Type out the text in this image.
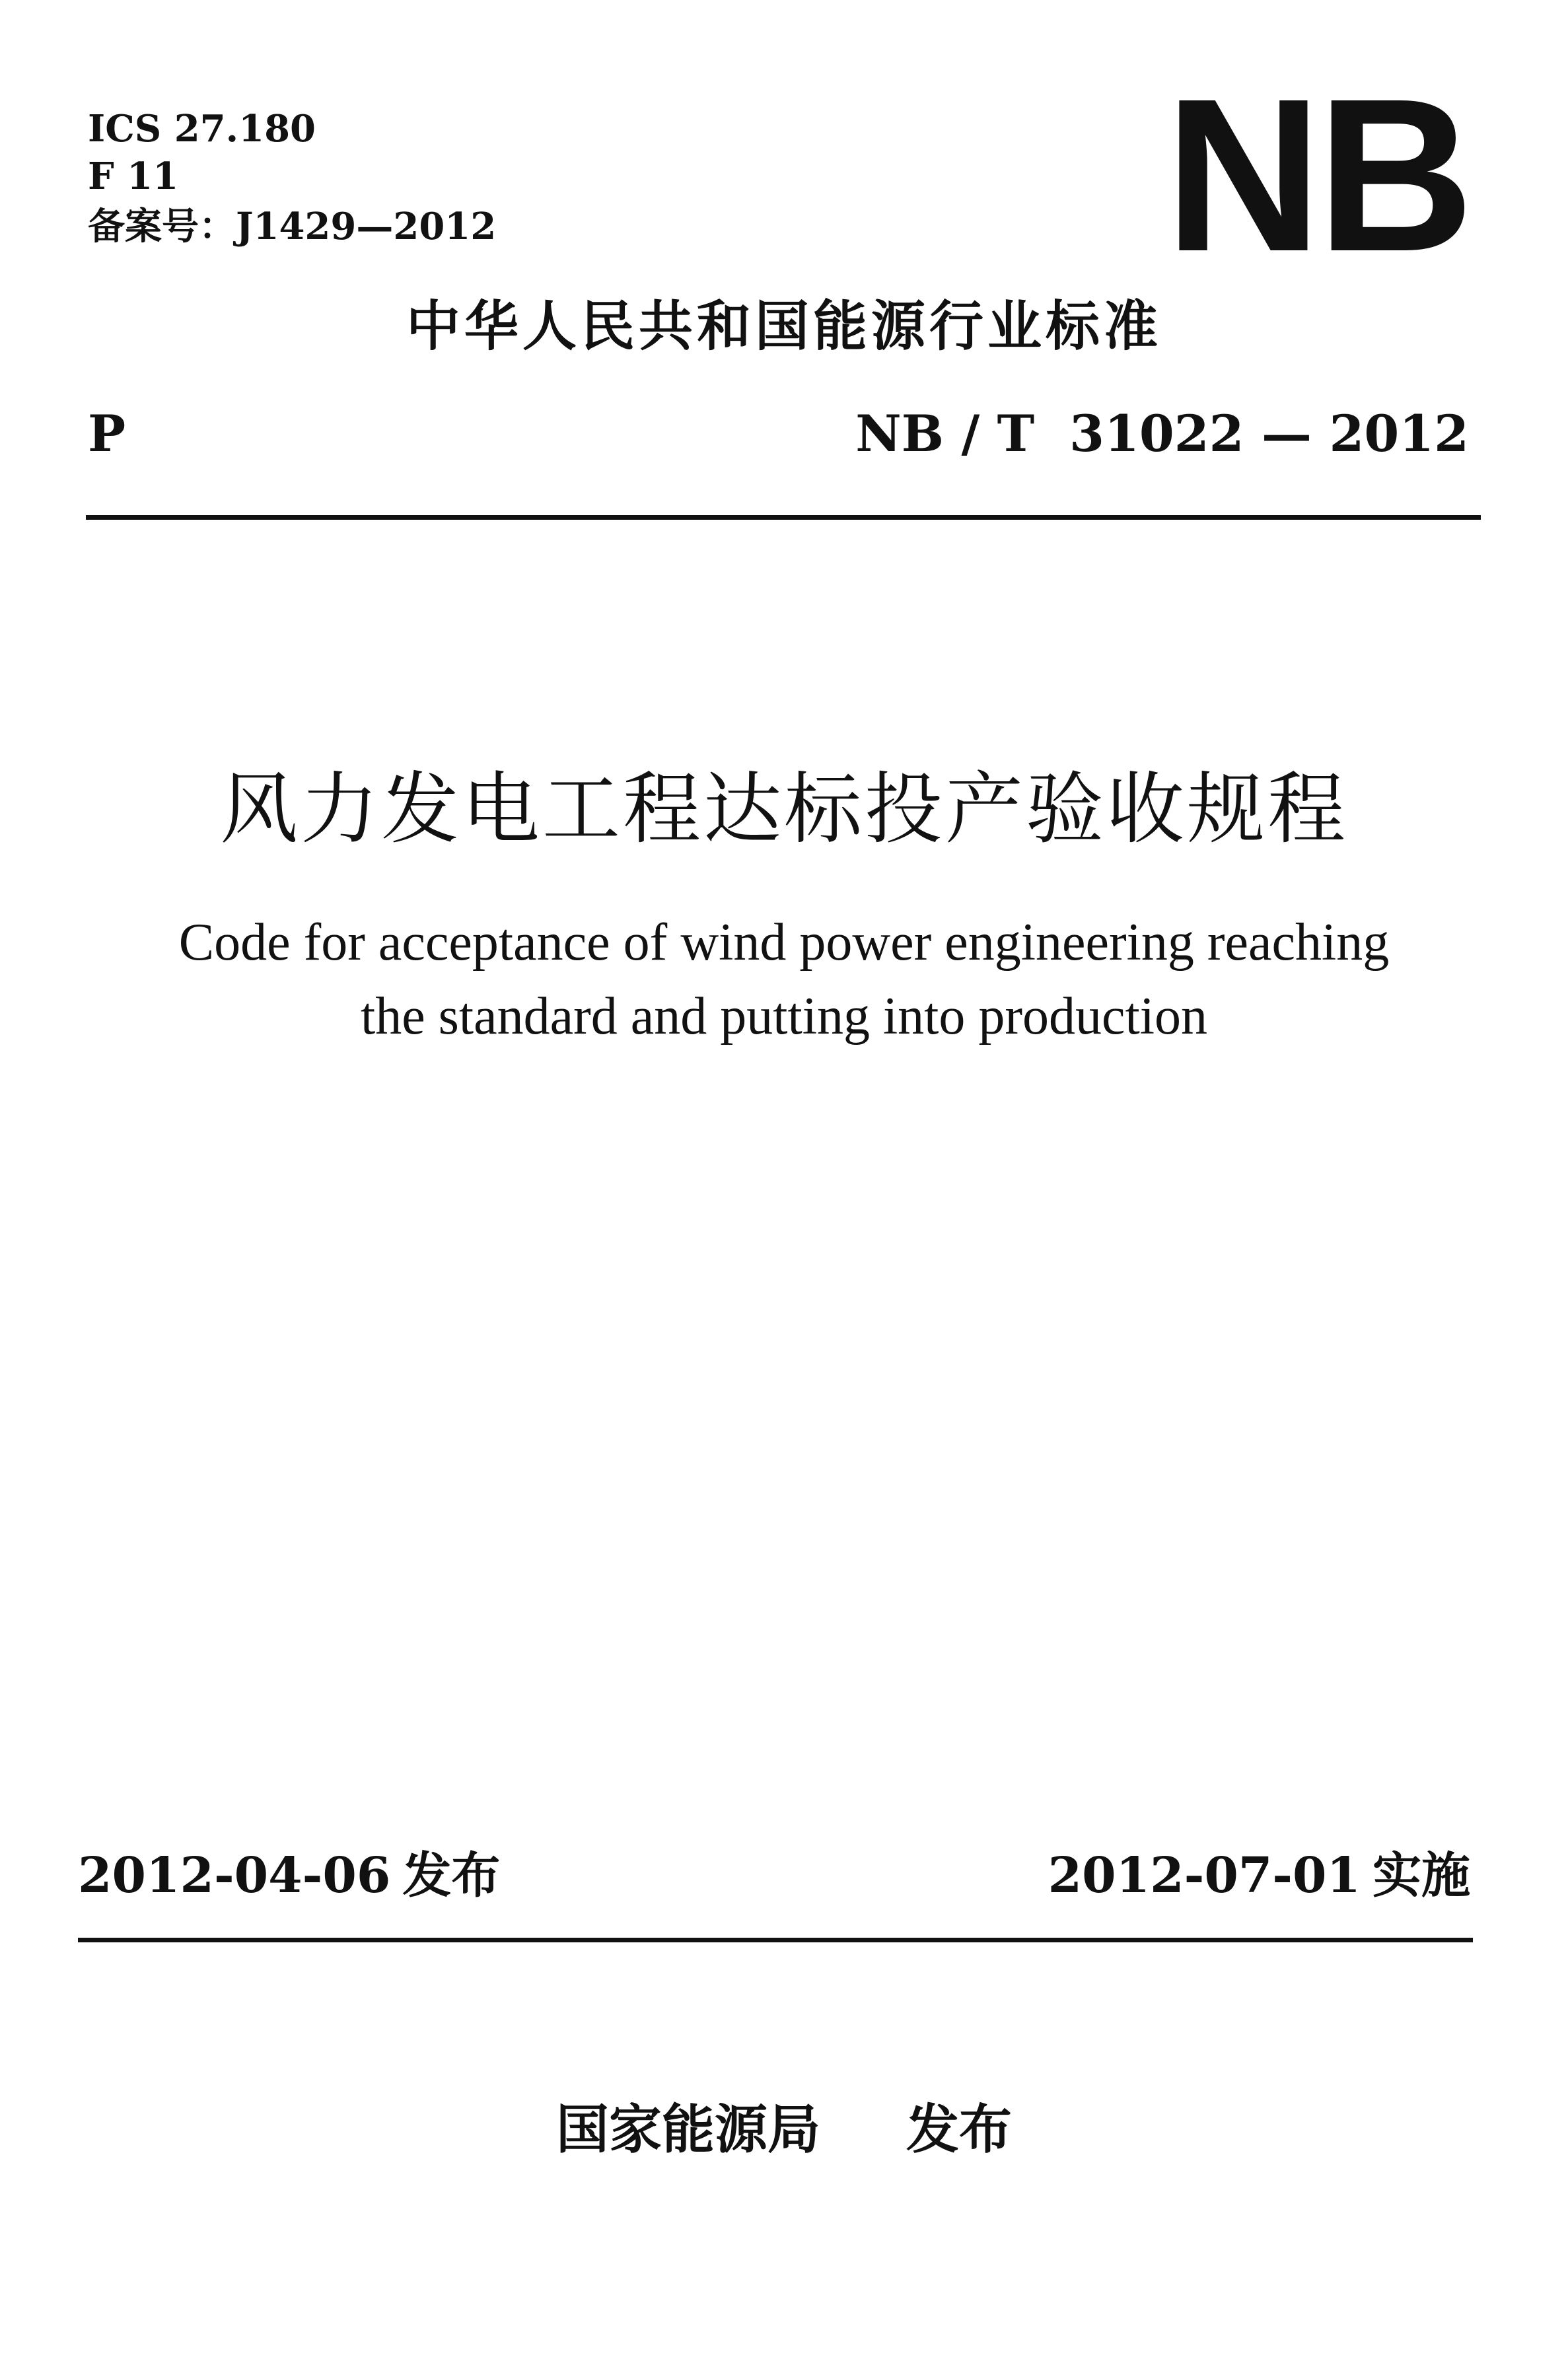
ICS 27.180
F 11
备案号：J1429—2012	NB
中华人民共和国能源行业标准
P	NB / T  31022 — 2012
风力发电工程达标投产验收规程
Code for acceptance of wind power engineering reaching
the standard and putting into production
2012-04-06 发布	2012-07-01 实施
国家能源局 发布
